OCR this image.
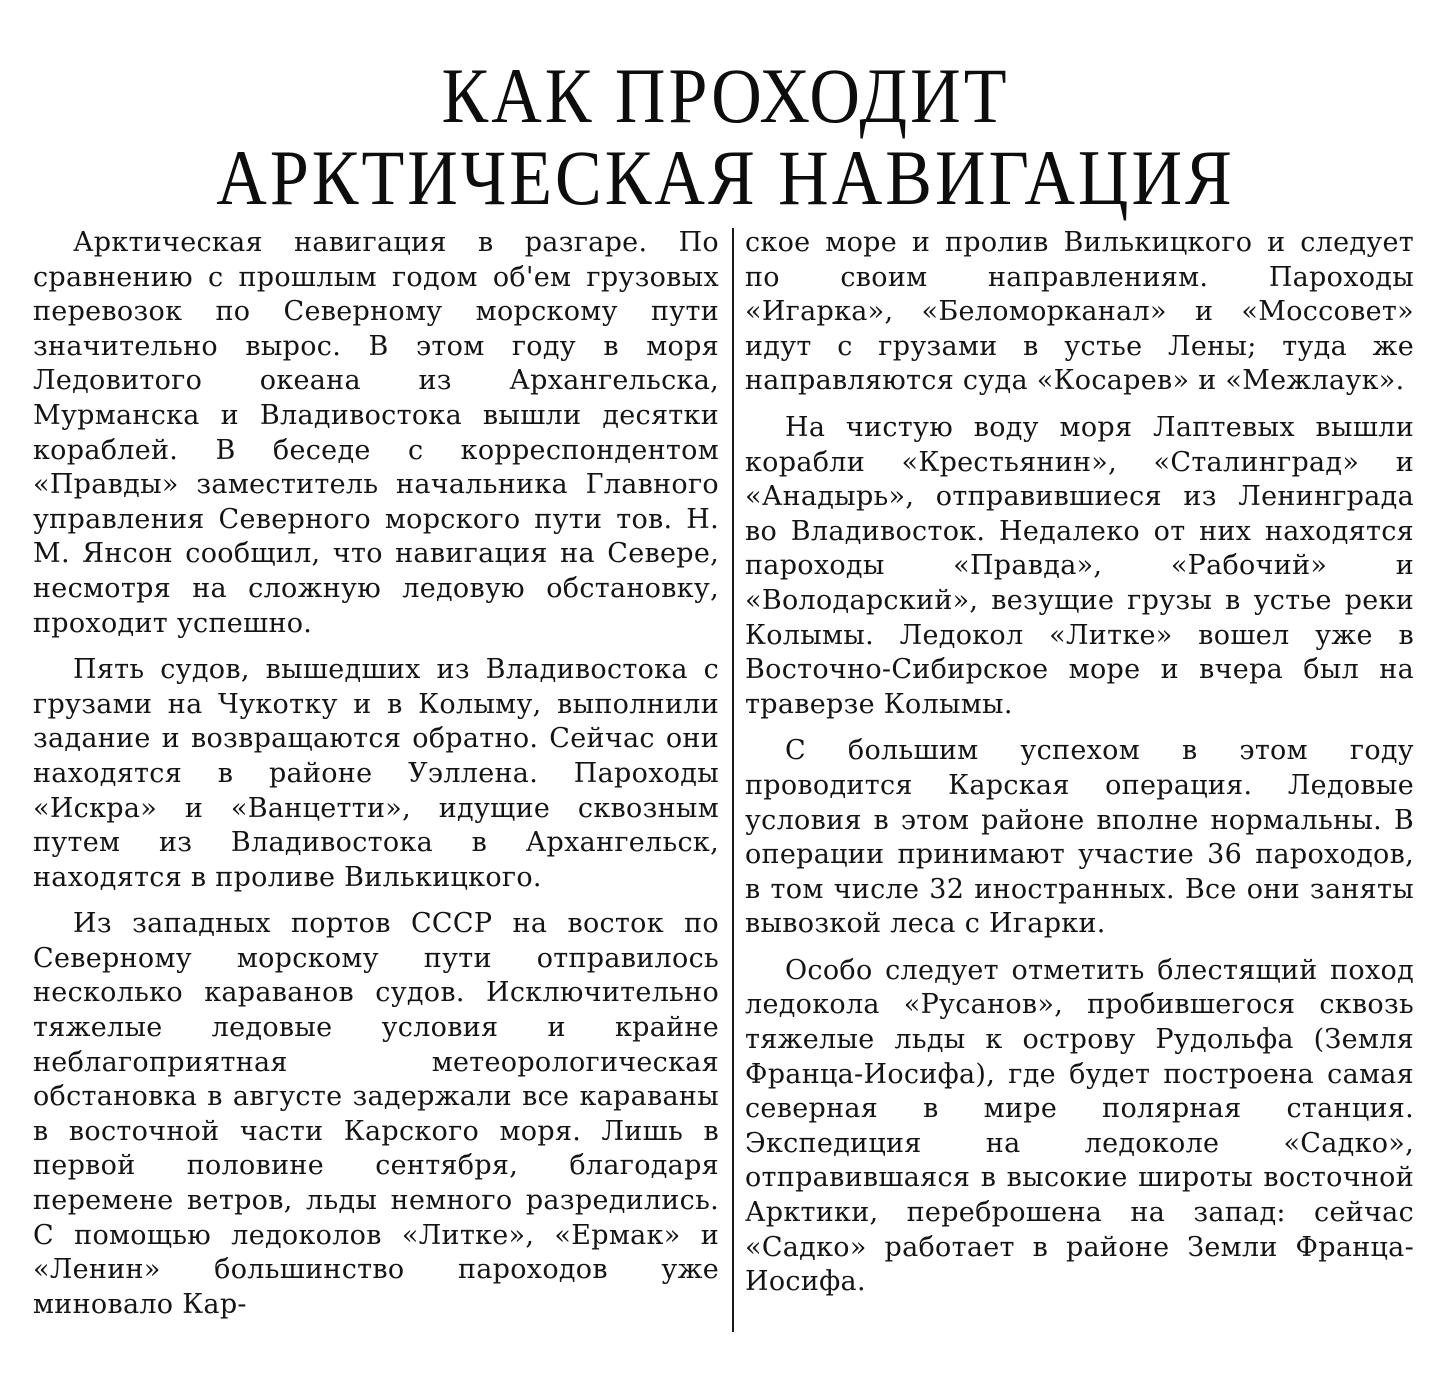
КАК ПРОХОДИТ
АРКТИЧЕСКАЯ НАВИГАЦИЯ

Арктическая навигация в разгаре. По сравнению с прошлым годом об'ем грузовых перевозок по Северному морскому пути значительно вырос. В этом году в моря Ледовитого океана из Архангельска, Мурманска и Владивостока вышли десятки кораблей. В беседе с корреспондентом «Правды» заместитель начальника Главного управления Северного морского пути тов. Н. М. Янсон сообщил, что навигация на Севере, несмотря на сложную ледовую обстановку, проходит успешно.

Пять судов, вышедших из Владивостока с грузами на Чукотку и в Колыму, выполнили задание и возвращаются обратно. Сейчас они находятся в районе Уэллена. Пароходы «Искра» и «Ванцетти», идущие сквозным путем из Владивостока в Архангельск, находятся в проливе Вилькицкого.

Из западных портов СССР на восток по Северному морскому пути отправилось несколько караванов судов. Исключительно тяжелые ледовые условия и крайне неблагоприятная метеорологическая обстановка в августе задержали все караваны в восточной части Карского моря. Лишь в первой половине сентября, благодаря перемене ветров, льды немного разредились. С помощью ледоколов «Литке», «Ермак» и «Ленин» большинство пароходов уже миновало Кар-

ское море и пролив Вилькицкого и следует по своим направлениям. Пароходы «Игарка», «Беломорканал» и «Моссовет» идут с грузами в устье Лены; туда же направляются суда «Косарев» и «Межлаук».

На чистую воду моря Лаптевых вышли корабли «Крестьянин», «Сталинград» и «Анадырь», отправившиеся из Ленинграда во Владивосток. Недалеко от них находятся пароходы «Правда», «Рабочий» и «Володарский», везущие грузы в устье реки Колымы. Ледокол «Литке» вошел уже в Восточно-Сибирское море и вчера был на траверзе Колымы.

С большим успехом в этом году проводится Карская операция. Ледовые условия в этом районе вполне нормальны. В операции принимают участие 36 пароходов, в том числе 32 иностранных. Все они заняты вывозкой леса с Игарки.

Особо следует отметить блестящий поход ледокола «Русанов», пробившегося сквозь тяжелые льды к острову Рудольфа (Земля Франца-Иосифа), где будет построена самая северная в мире полярная станция. Экспедиция на ледоколе «Садко», отправившаяся в высокие широты восточной Арктики, переброшена на запад: сейчас «Садко» работает в районе Земли Франца-Иосифа.
